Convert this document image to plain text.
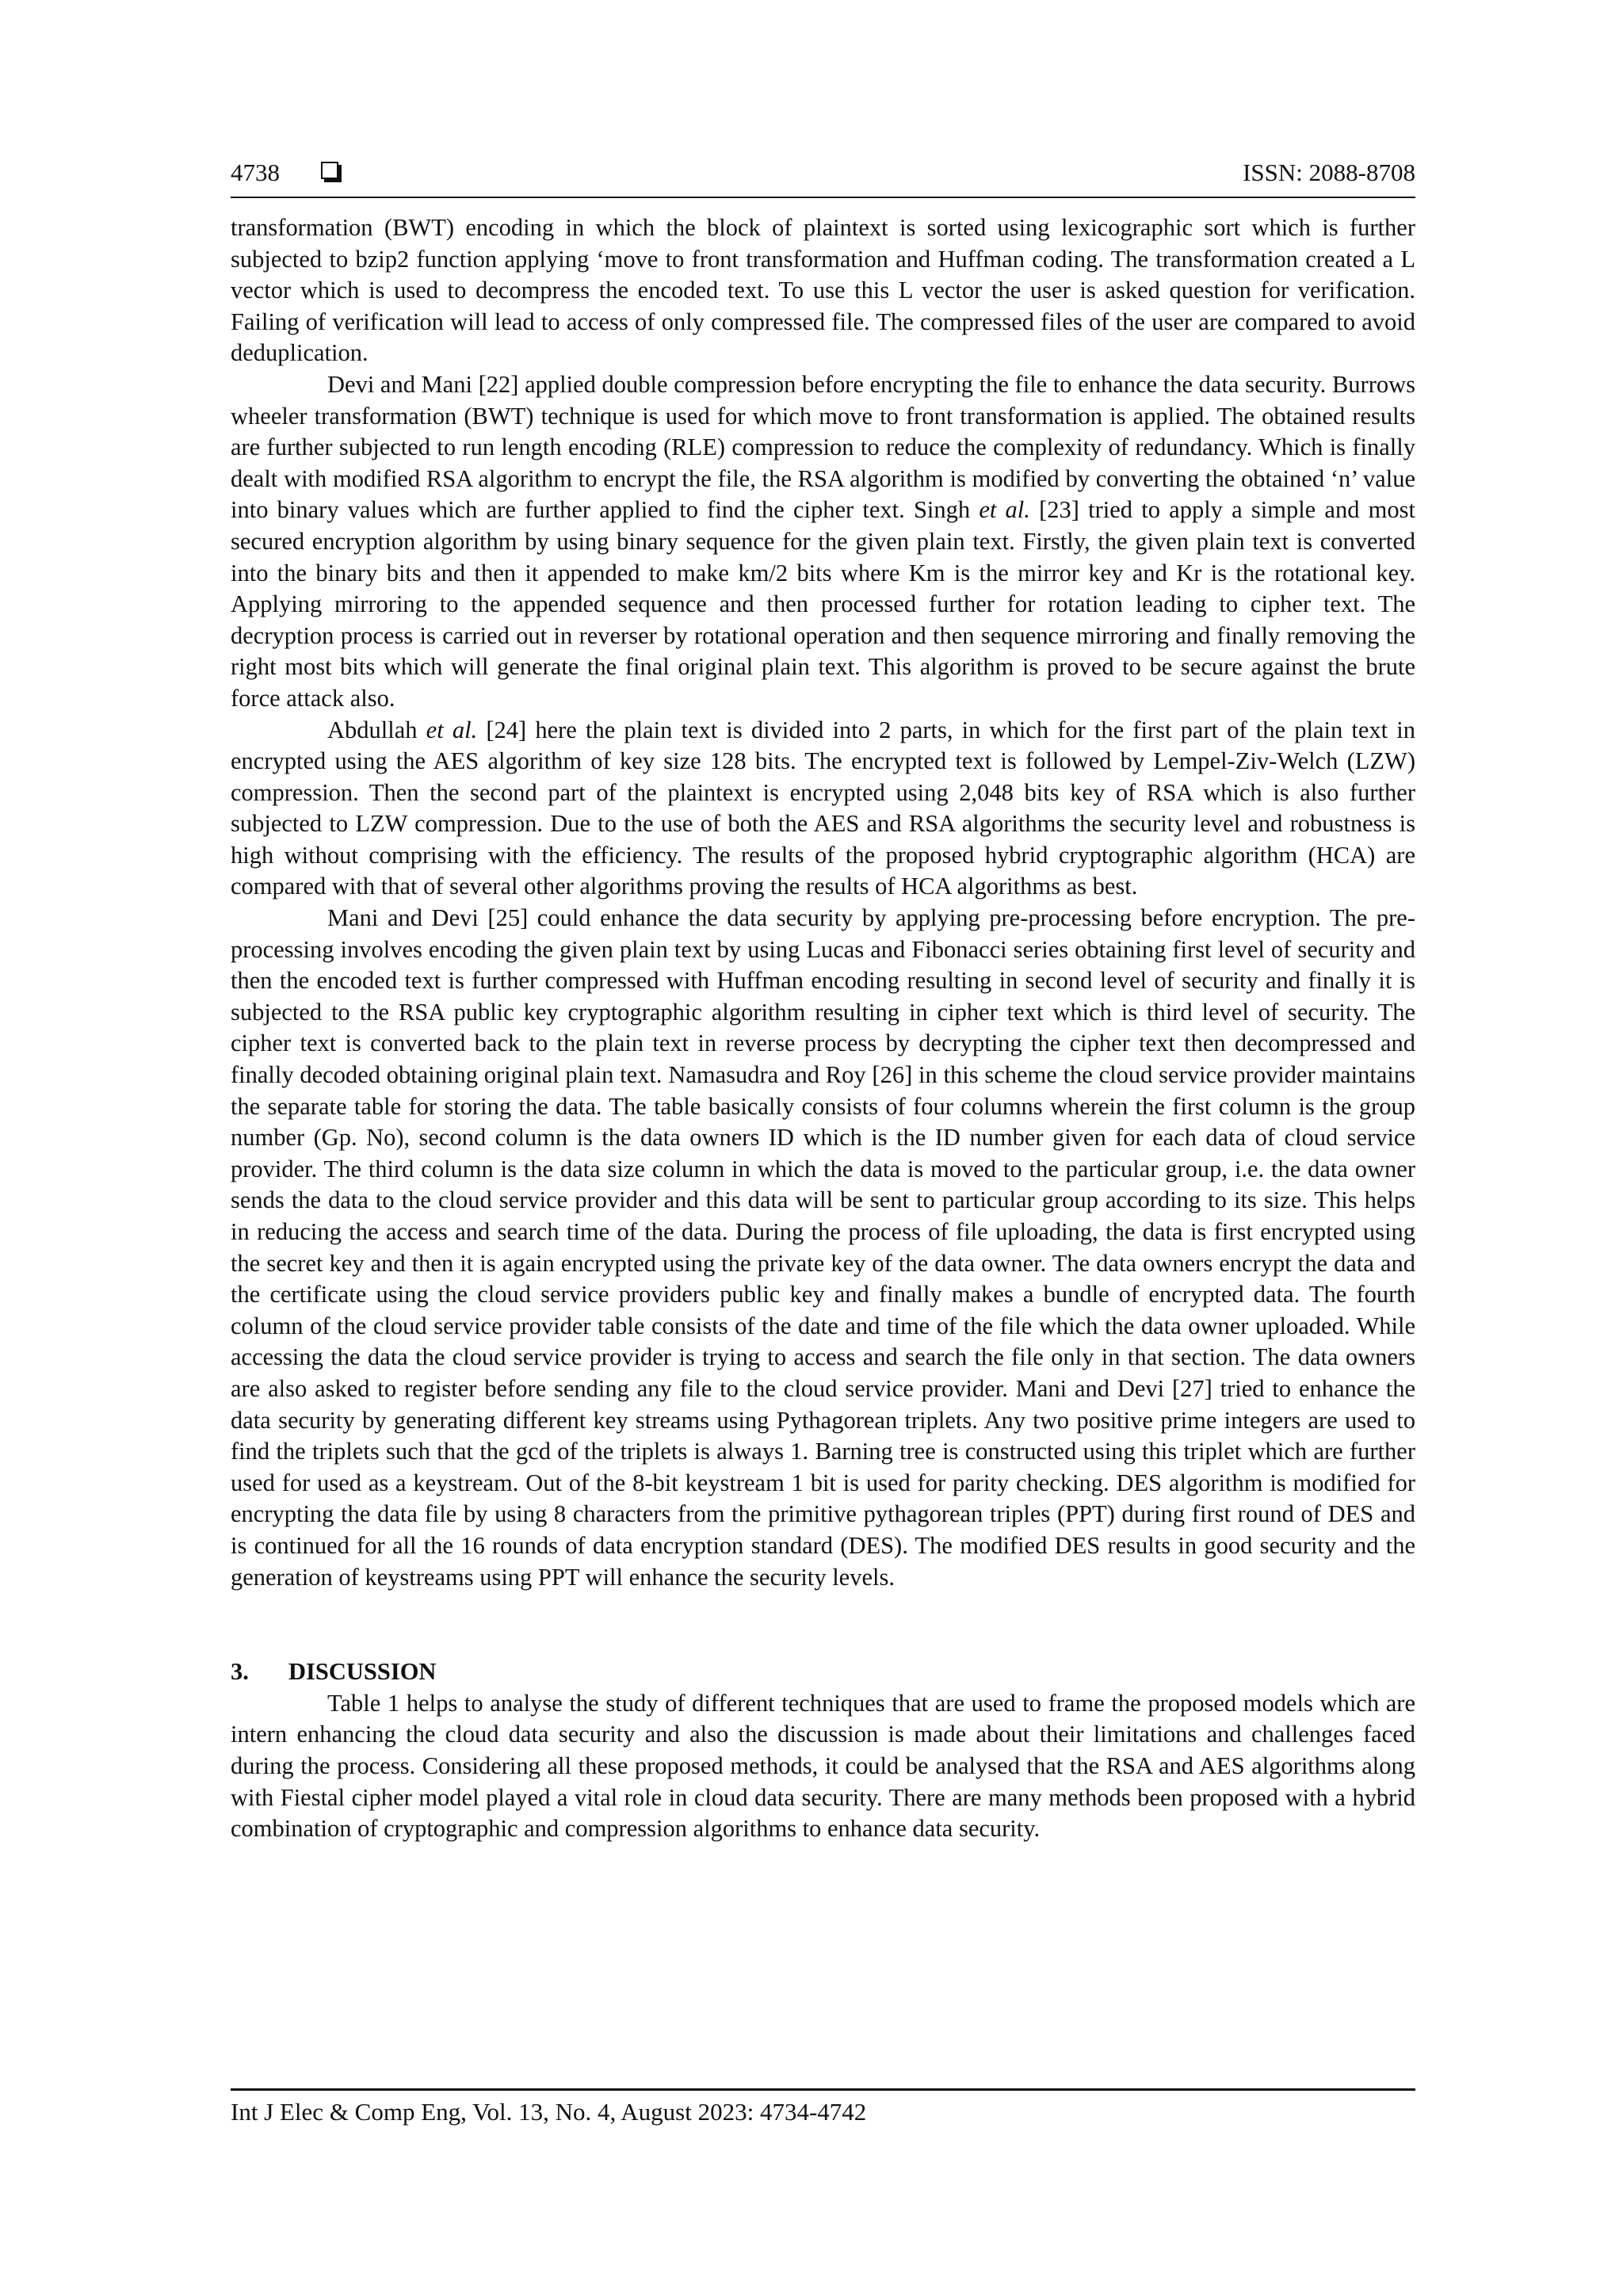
4738	ISSN: 2088-8708

transformation (BWT) encoding in which the block of plaintext is sorted using lexicographic sort which is further subjected to bzip2 function applying ‘move to front transformation and Huffman coding. The transformation created a L vector which is used to decompress the encoded text. To use this L vector the user is asked question for verification. Failing of verification will lead to access of only compressed file. The compressed files of the user are compared to avoid deduplication.

Devi and Mani [22] applied double compression before encrypting the file to enhance the data security. Burrows wheeler transformation (BWT) technique is used for which move to front transformation is applied. The obtained results are further subjected to run length encoding (RLE) compression to reduce the complexity of redundancy. Which is finally dealt with modified RSA algorithm to encrypt the file, the RSA algorithm is modified by converting the obtained ‘n’ value into binary values which are further applied to find the cipher text. Singh et al. [23] tried to apply a simple and most secured encryption algorithm by using binary sequence for the given plain text. Firstly, the given plain text is converted into the binary bits and then it appended to make km/2 bits where Km is the mirror key and Kr is the rotational key. Applying mirroring to the appended sequence and then processed further for rotation leading to cipher text. The decryption process is carried out in reverser by rotational operation and then sequence mirroring and finally removing the right most bits which will generate the final original plain text. This algorithm is proved to be secure against the brute force attack also.

Abdullah et al. [24] here the plain text is divided into 2 parts, in which for the first part of the plain text in encrypted using the AES algorithm of key size 128 bits. The encrypted text is followed by Lempel-Ziv-Welch (LZW) compression. Then the second part of the plaintext is encrypted using 2,048 bits key of RSA which is also further subjected to LZW compression. Due to the use of both the AES and RSA algorithms the security level and robustness is high without comprising with the efficiency. The results of the proposed hybrid cryptographic algorithm (HCA) are compared with that of several other algorithms proving the results of HCA algorithms as best.

Mani and Devi [25] could enhance the data security by applying pre-processing before encryption. The pre-processing involves encoding the given plain text by using Lucas and Fibonacci series obtaining first level of security and then the encoded text is further compressed with Huffman encoding resulting in second level of security and finally it is subjected to the RSA public key cryptographic algorithm resulting in cipher text which is third level of security. The cipher text is converted back to the plain text in reverse process by decrypting the cipher text then decompressed and finally decoded obtaining original plain text. Namasudra and Roy [26] in this scheme the cloud service provider maintains the separate table for storing the data. The table basically consists of four columns wherein the first column is the group number (Gp. No), second column is the data owners ID which is the ID number given for each data of cloud service provider. The third column is the data size column in which the data is moved to the particular group, i.e. the data owner sends the data to the cloud service provider and this data will be sent to particular group according to its size. This helps in reducing the access and search time of the data. During the process of file uploading, the data is first encrypted using the secret key and then it is again encrypted using the private key of the data owner. The data owners encrypt the data and the certificate using the cloud service providers public key and finally makes a bundle of encrypted data. The fourth column of the cloud service provider table consists of the date and time of the file which the data owner uploaded. While accessing the data the cloud service provider is trying to access and search the file only in that section. The data owners are also asked to register before sending any file to the cloud service provider. Mani and Devi [27] tried to enhance the data security by generating different key streams using Pythagorean triplets. Any two positive prime integers are used to find the triplets such that the gcd of the triplets is always 1. Barning tree is constructed using this triplet which are further used for used as a keystream. Out of the 8-bit keystream 1 bit is used for parity checking. DES algorithm is modified for encrypting the data file by using 8 characters from the primitive pythagorean triples (PPT) during first round of DES and is continued for all the 16 rounds of data encryption standard (DES). The modified DES results in good security and the generation of keystreams using PPT will enhance the security levels.

3. DISCUSSION

Table 1 helps to analyse the study of different techniques that are used to frame the proposed models which are intern enhancing the cloud data security and also the discussion is made about their limitations and challenges faced during the process. Considering all these proposed methods, it could be analysed that the RSA and AES algorithms along with Fiestal cipher model played a vital role in cloud data security. There are many methods been proposed with a hybrid combination of cryptographic and compression algorithms to enhance data security.

Int J Elec & Comp Eng, Vol. 13, No. 4, August 2023: 4734-4742
